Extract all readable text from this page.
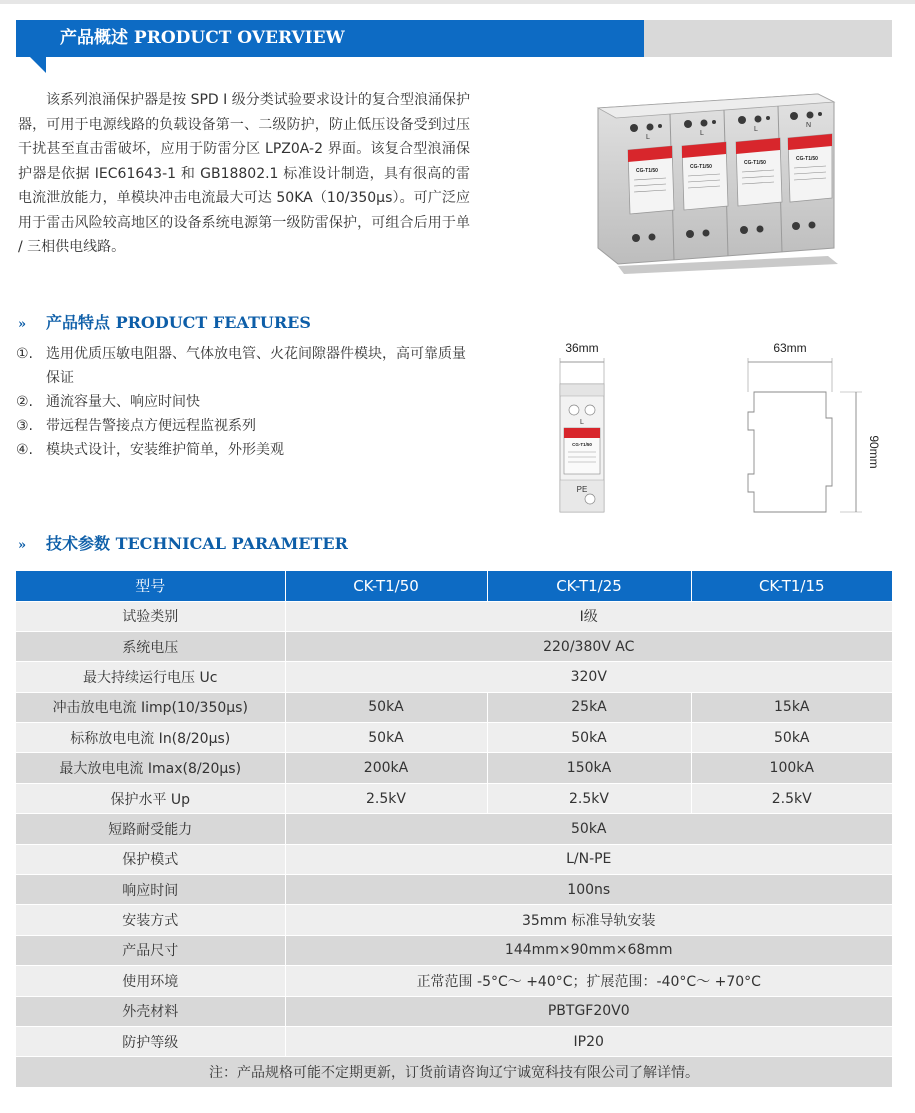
产品概述 PRODUCT OVERVIEW

该系列浪涌保护器是按 SPD I 级分类试验要求设计的复合型浪涌保护器，可用于电源线路的负载设备第一、二级防护，防止低压设备受到过压干扰甚至直击雷破坏，应用于防雷分区 LPZ0A-2 界面。该复合型浪涌保护器是依据 IEC61643-1 和 GB18802.1 标准设计制造，具有很高的雷电流泄放能力，单模块冲击电流最大可达 50KA（10/350μs）。可广泛应用于雷击风险较高地区的设备系统电源第一级防雷保护，可组合后用于单 / 三相供电线路。

L
L
L
N
CG-T1/50
CG-T1/50
CG-T1/50
CG-T1/50
» 产品特点 PRODUCT FEATURES
①. 选用优质压敏电阻器、气体放电管、火花间隙器件模块，高可靠质量保证
②. 通流容量大、响应时间快
③. 带远程告警接点方便远程监视系列
④. 模块式设计，安装维护简单，外形美观
36mm
L
CG-T1/50
PE
63mm
90mm
» 技术参数 TECHNICAL PARAMETER
型号	CK-T1/50	CK-T1/25	CK-T1/15
试验类别	Ⅰ级		
系统电压	220/380V AC		
最大持续运行电压 Uc	320V		
冲击放电电流 Iimp(10/350μs)	50kA	25kA	15kA
标称放电电流 In(8/20μs)	50kA	50kA	50kA
最大放电电流 Imax(8/20μs)	200kA	150kA	100kA
保护水平 Up	2.5kV	2.5kV	2.5kV
短路耐受能力	50kA		
保护模式	L/N-PE		
响应时间	100ns		
安装方式	35mm 标准导轨安装		
产品尺寸	144mm×90mm×68mm		
使用环境	正常范围 -5°C～ +40°C；扩展范围：-40°C～ +70°C		
外壳材料	PBTGF20V0		
防护等级	IP20		
注：产品规格可能不定期更新，订货前请咨询辽宁诚宽科技有限公司了解详情。			
